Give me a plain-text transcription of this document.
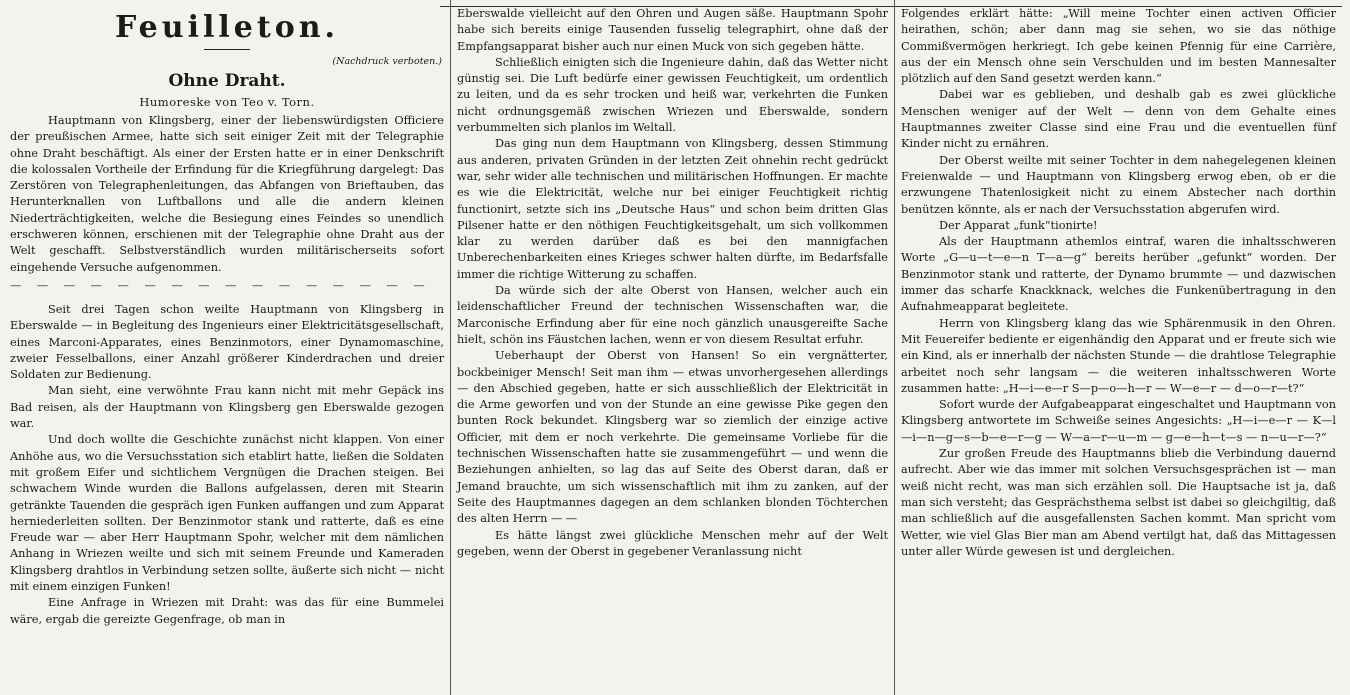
Feuilleton.
(Nachdruck verboten.)
Ohne Draht.
Humoreske von Teo v. Torn.

Hauptmann von Klingsberg, einer der liebenswürdigsten Officiere der preußischen Armee, hatte sich seit einiger Zeit mit der Telegraphie ohne Draht beschäftigt. Als einer der Ersten hatte er in einer Denkschrift die kolossalen Vortheile der Erfindung für die Kriegführung dargelegt: Das Zerstören von Telegraphenleitungen, das Abfangen von Brieftauben, das Herunterknallen von Luftballons und alle die andern kleinen Niederträchtigkeiten, welche die Besiegung eines Feindes so unendlich erschweren können, erschienen mit der Telegraphie ohne Draht aus der Welt geschafft. Selbstverständlich wurden militärischerseits sofort eingehende Versuche aufgenommen.

— — — — — — — — — — — — — — — —

Seit drei Tagen schon weilte Hauptmann von Klingsberg in Eberswalde — in Begleitung des Ingenieurs einer Elektricitätsgesellschaft, eines Marconi-Apparates, eines Benzinmotors, einer Dynamomaschine, zweier Fesselballons, einer Anzahl größerer Kinderdrachen und dreier Soldaten zur Bedienung.

Man sieht, eine verwöhnte Frau kann nicht mit mehr Gepäck ins Bad reisen, als der Hauptmann von Klingsberg gen Eberswalde gezogen war.

Und doch wollte die Geschichte zunächst nicht klappen. Von einer Anhöhe aus, wo die Versuchsstation sich etablirt hatte, ließen die Soldaten mit großem Eifer und sichtlichem Vergnügen die Drachen steigen. Bei schwachem Winde wurden die Ballons aufgelassen, deren mit Stearin getränkte Tauenden die gespräch igen Funken auffangen und zum Apparat herniederleiten sollten. Der Benzinmotor stank und ratterte, daß es eine Freude war — aber Herr Hauptmann Spohr, welcher mit dem nämlichen Anhang in Wriezen weilte und sich mit seinem Freunde und Kameraden Klingsberg drahtlos in Verbindung setzen sollte, äußerte sich nicht — nicht mit einem einzigen Funken!

Eine Anfrage in Wriezen mit Draht: was das für eine Bummelei wäre, ergab die gereizte Gegenfrage, ob man in

Eberswalde vielleicht auf den Ohren und Augen säße. Hauptmann Spohr habe sich bereits einige Tausenden fusselig telegraphirt, ohne daß der Empfangsapparat bisher auch nur einen Muck von sich gegeben hätte.

Schließlich einigten sich die Ingenieure dahin, daß das Wetter nicht günstig sei. Die Luft bedürfe einer gewissen Feuchtigkeit, um ordentlich zu leiten, und da es sehr trocken und heiß war, verkehrten die Funken nicht ordnungsgemäß zwischen Wriezen und Eberswalde, sondern verbummelten sich planlos im Weltall.

Das ging nun dem Hauptmann von Klingsberg, dessen Stimmung aus anderen, privaten Gründen in der letzten Zeit ohnehin recht gedrückt war, sehr wider alle technischen und militärischen Hoffnungen. Er machte es wie die Elektricität, welche nur bei einiger Feuchtigkeit richtig functionirt, setzte sich ins „Deutsche Haus“ und schon beim dritten Glas Pilsener hatte er den nöthigen Feuchtigkeitsgehalt, um sich vollkommen klar zu werden darüber daß es bei den mannigfachen Unberechenbarkeiten eines Krieges schwer halten dürfte, im Bedarfsfalle immer die richtige Witterung zu schaffen.

Da würde sich der alte Oberst von Hansen, welcher auch ein leidenschaftlicher Freund der technischen Wissenschaften war, die Marconische Erfindung aber für eine noch gänzlich unausgereifte Sache hielt, schön ins Fäustchen lachen, wenn er von diesem Resultat erfuhr.

Ueberhaupt der Oberst von Hansen! So ein vergnätterter, bockbeiniger Mensch! Seit man ihm — etwas unvorhergesehen allerdings — den Abschied gegeben, hatte er sich ausschließlich der Elektricität in die Arme geworfen und von der Stunde an eine gewisse Pike gegen den bunten Rock bekundet. Klingsberg war so ziemlich der einzige active Officier, mit dem er noch verkehrte. Die gemeinsame Vorliebe für die technischen Wissenschaften hatte sie zusammengeführt — und wenn die Beziehungen anhielten, so lag das auf Seite des Oberst daran, daß er Jemand brauchte, um sich wissenschaftlich mit ihm zu zanken, auf der Seite des Hauptmannes dagegen an dem schlanken blonden Töchterchen des alten Herrn — —

Es hätte längst zwei glückliche Menschen mehr auf der Welt gegeben, wenn der Oberst in gegebener Veranlassung nicht

Folgendes erklärt hätte: „Will meine Tochter einen activen Officier heirathen, schön; aber dann mag sie sehen, wo sie das nöthige Commißvermögen herkriegt. Ich gebe keinen Pfennig für eine Carrière, aus der ein Mensch ohne sein Verschulden und im besten Mannesalter plötzlich auf den Sand gesetzt werden kann.“

Dabei war es geblieben, und deshalb gab es zwei glückliche Menschen weniger auf der Welt — denn von dem Gehalte eines Hauptmannes zweiter Classe sind eine Frau und die eventuellen fünf Kinder nicht zu ernähren.

Der Oberst weilte mit seiner Tochter in dem nahegelegenen kleinen Freienwalde — und Hauptmann von Klingsberg erwog eben, ob er die erzwungene Thatenlosigkeit nicht zu einem Abstecher nach dorthin benützen könnte, als er nach der Versuchsstation abgerufen wird.

Der Apparat „funk“tionirte!

Als der Hauptmann athemlos eintraf, waren die inhaltsschweren Worte „G—u—t—e—n T—a—g“ bereits herüber „gefunkt“ worden. Der Benzinmotor stank und ratterte, der Dynamo brummte — und dazwischen immer das scharfe Knackknack, welches die Funkenübertragung in den Aufnahmeapparat begleitete.

Herrn von Klingsberg klang das wie Sphärenmusik in den Ohren. Mit Feuereifer bediente er eigenhändig den Apparat und er freute sich wie ein Kind, als er innerhalb der nächsten Stunde — die drahtlose Telegraphie arbeitet noch sehr langsam — die weiteren inhaltsschweren Worte zusammen hatte: „H—i—e—r S—p—o—h—r — W—e—r — d—o—r—t?“

Sofort wurde der Aufgabeapparat eingeschaltet und Hauptmann von Klingsberg antwortete im Schweiße seines Angesichts: „H—i—e—r — K—l—i—n—g—s—b—e—r—g — W—a—r—u—m — g—e—h—t—s — n—u—r—?“

Zur großen Freude des Hauptmanns blieb die Verbindung dauernd aufrecht. Aber wie das immer mit solchen Versuchsgesprächen ist — man weiß nicht recht, was man sich erzählen soll. Die Hauptsache ist ja, daß man sich versteht; das Gesprächsthema selbst ist dabei so gleichgiltig, daß man schließlich auf die ausgefallensten Sachen kommt. Man spricht vom Wetter, wie viel Glas Bier man am Abend vertilgt hat, daß das Mittagessen unter aller Würde gewesen ist und dergleichen.
